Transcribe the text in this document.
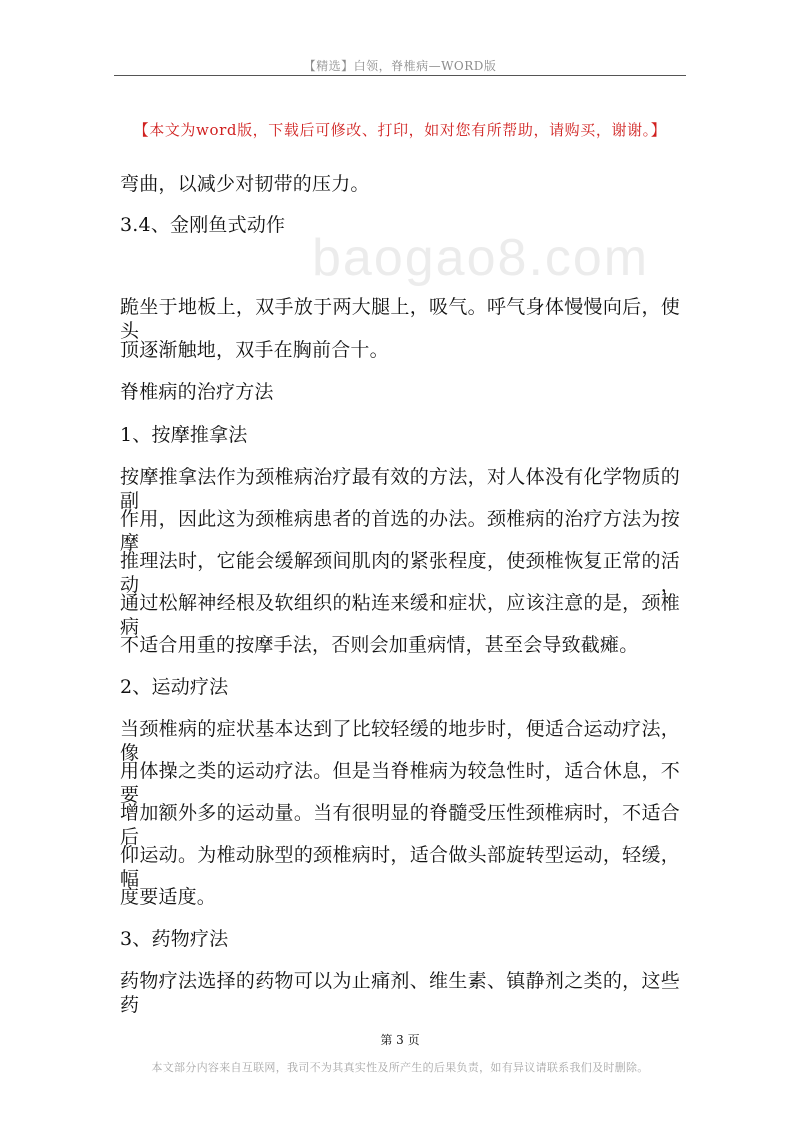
【精选】白领，脊椎病—WORD版
【本文为word版，下载后可修改、打印，如对您有所帮助，请购买，谢谢。】
baogao8.com
弯曲，以减少对韧带的压力。
3.4、金刚鱼式动作
跪坐于地板上，双手放于两大腿上，吸气。呼气身体慢慢向后，使头
顶逐渐触地，双手在胸前合十。
脊椎病的治疗方法
1、按摩推拿法
按摩推拿法作为颈椎病治疗最有效的方法，对人体没有化学物质的副
作用，因此这为颈椎病患者的首选的办法。颈椎病的治疗方法为按摩
推理法时，它能会缓解颈间肌肉的紧张程度，使颈椎恢复正常的活动，
通过松解神经根及软组织的粘连来缓和症状，应该注意的是，颈椎病
不适合用重的按摩手法，否则会加重病情，甚至会导致截瘫。
2、运动疗法
当颈椎病的症状基本达到了比较轻缓的地步时，便适合运动疗法，像
用体操之类的运动疗法。但是当脊椎病为较急性时，适合休息，不要
增加额外多的运动量。当有很明显的脊髓受压性颈椎病时，不适合后
仰运动。为椎动脉型的颈椎病时，适合做头部旋转型运动，轻缓，幅
度要适度。
3、药物疗法
药物疗法选择的药物可以为止痛剂、维生素、镇静剂之类的，这些药
第 3 页
本文部分内容来自互联网，我司不为其真实性及所产生的后果负责，如有异议请联系我们及时删除。
